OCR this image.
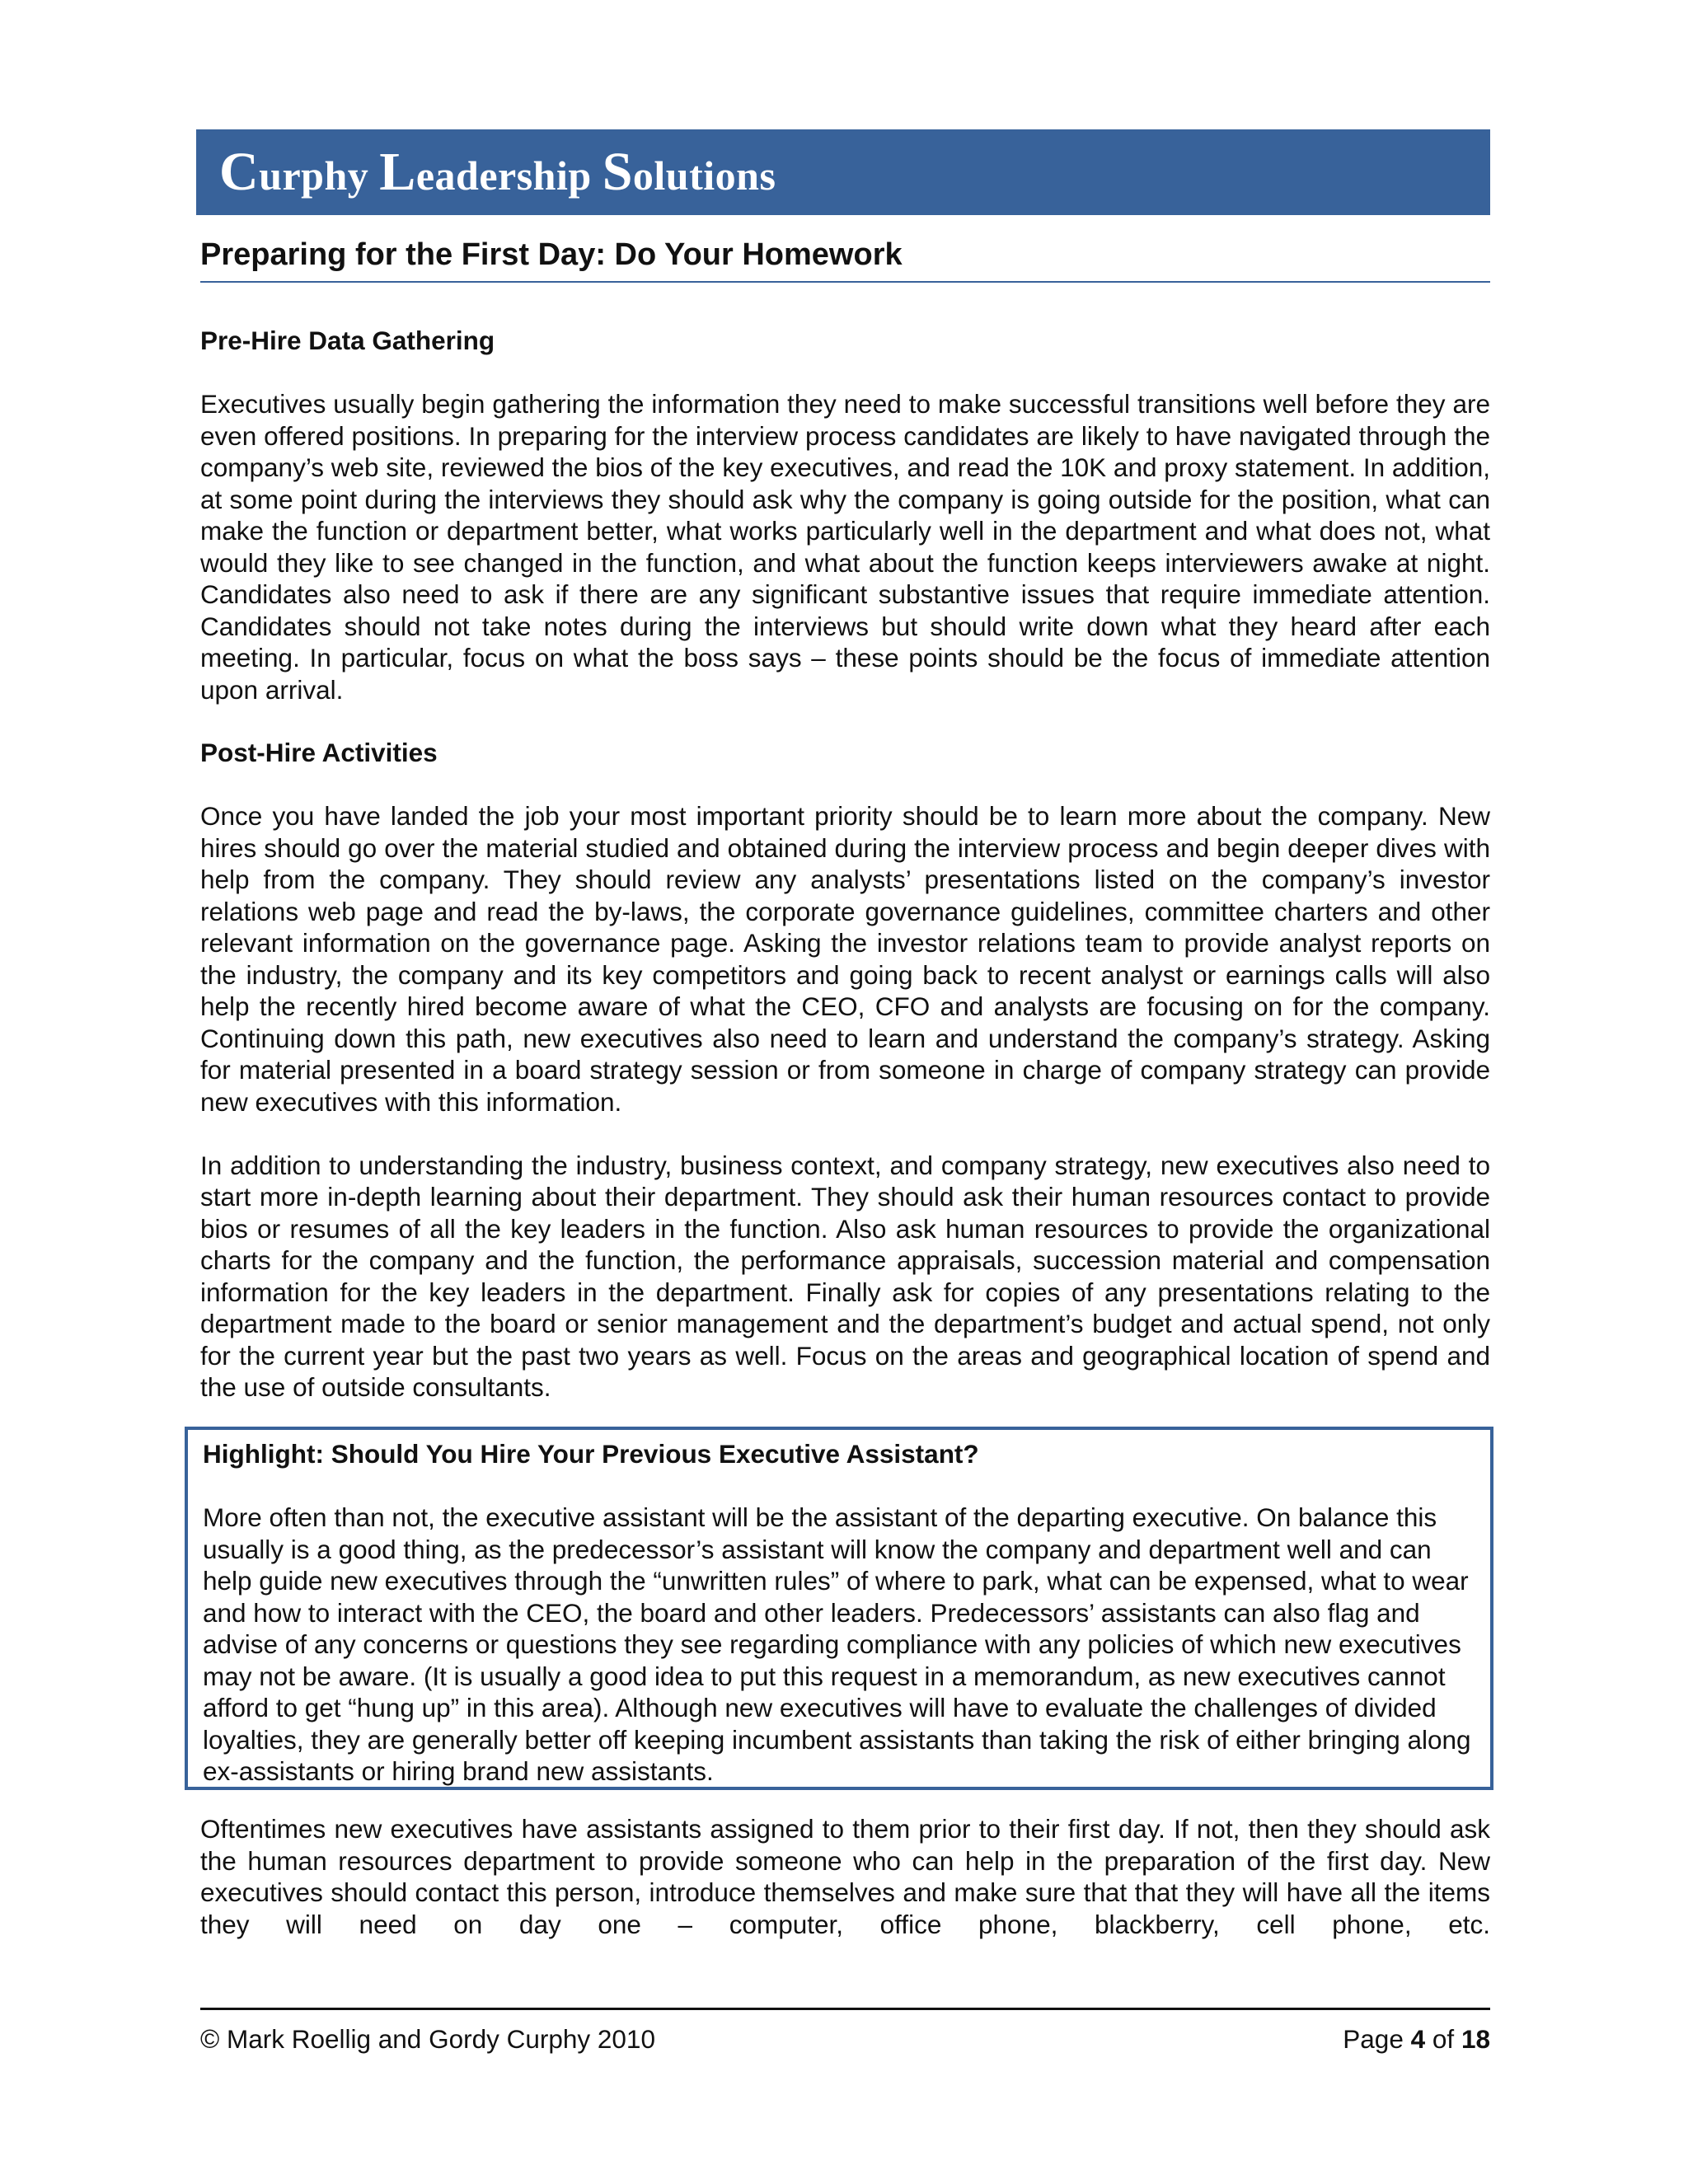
Curphy Leadership Solutions
Preparing for the First Day: Do Your Homework

Pre-Hire Data Gathering

Executives usually begin gathering the information they need to make successful transitions well before they are even offered positions. In preparing for the interview process candidates are likely to have navigated through the company’s web site, reviewed the bios of the key executives, and read the 10K and proxy statement. In addition, at some point during the interviews they should ask why the company is going outside for the position, what can make the function or department better, what works particularly well in the department and what does not, what would they like to see changed in the function, and what about the function keeps interviewers awake at night. Candidates also need to ask if there are any significant substantive issues that require immediate attention. Candidates should not take notes during the interviews but should write down what they heard after each meeting. In particular, focus on what the boss says – these points should be the focus of immediate attention upon arrival.

Post-Hire Activities

Once you have landed the job your most important priority should be to learn more about the company. New hires should go over the material studied and obtained during the interview process and begin deeper dives with help from the company. They should review any analysts’ presentations listed on the company’s investor relations web page and read the by-laws, the corporate governance guidelines, committee charters and other relevant information on the governance page. Asking the investor relations team to provide analyst reports on the industry, the company and its key competitors and going back to recent analyst or earnings calls will also help the recently hired become aware of what the CEO, CFO and analysts are focusing on for the company. Continuing down this path, new executives also need to learn and understand the company’s strategy. Asking for material presented in a board strategy session or from someone in charge of company strategy can provide new executives with this information.

In addition to understanding the industry, business context, and company strategy, new executives also need to start more in-depth learning about their department. They should ask their human resources contact to provide bios or resumes of all the key leaders in the function. Also ask human resources to provide the organizational charts for the company and the function, the performance appraisals, succession material and compensation information for the key leaders in the department. Finally ask for copies of any presentations relating to the department made to the board or senior management and the department’s budget and actual spend, not only for the current year but the past two years as well. Focus on the areas and geographical location of spend and the use of outside consultants.

Highlight: Should You Hire Your Previous Executive Assistant?

More often than not, the executive assistant will be the assistant of the departing executive. On balance this usually is a good thing, as the predecessor’s assistant will know the company and department well and can help guide new executives through the “unwritten rules” of where to park, what can be expensed, what to wear and how to interact with the CEO, the board and other leaders. Predecessors’ assistants can also flag and advise of any concerns or questions they see regarding compliance with any policies of which new executives may not be aware. (It is usually a good idea to put this request in a memorandum, as new executives cannot afford to get “hung up” in this area). Although new executives will have to evaluate the challenges of divided loyalties, they are generally better off keeping incumbent assistants than taking the risk of either bringing along ex-assistants or hiring brand new assistants.

Oftentimes new executives have assistants assigned to them prior to their first day. If not, then they should ask the human resources department to provide someone who can help in the preparation of the first day. New executives should contact this person, introduce themselves and make sure that that they will have all the items they will need on day one – computer, office phone, blackberry, cell phone, etc.

© Mark Roellig and Gordy Curphy 2010	Page 4 of 18
